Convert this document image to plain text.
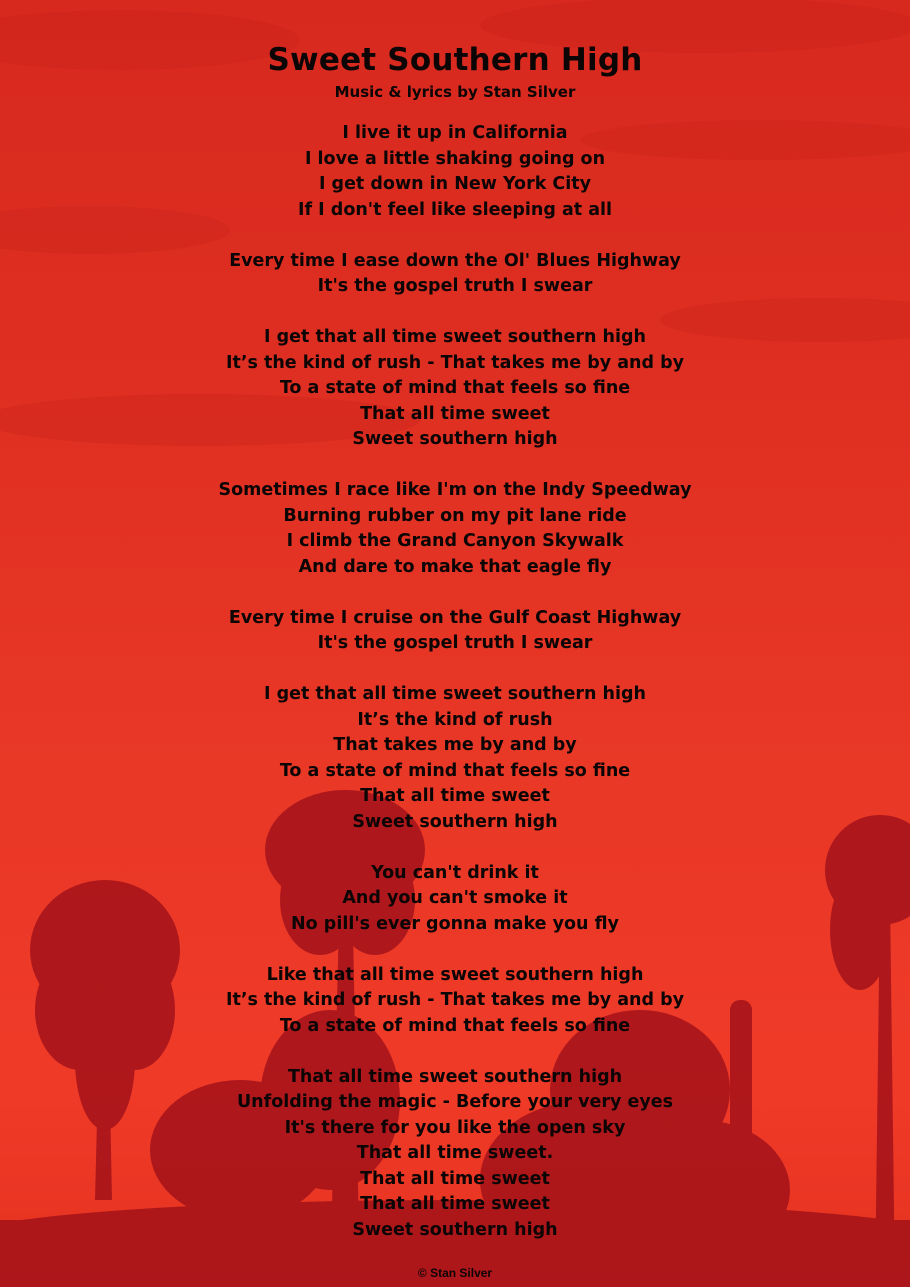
Sweet Southern High
Music & lyrics by Stan Silver
I live it up in California
I love a little shaking going on
I get down in New York City
If I don't feel like sleeping at all
Every time I ease down the Ol' Blues Highway
It's the gospel truth I swear
I get that all time sweet southern high
It’s the kind of rush - That takes me by and by
To a state of mind that feels so fine
That all time sweet
Sweet southern high
Sometimes I race like I'm on the Indy Speedway
Burning rubber on my pit lane ride
I climb the Grand Canyon Skywalk
And dare to make that eagle fly
Every time I cruise on the Gulf Coast Highway
It's the gospel truth I swear
I get that all time sweet southern high
It’s the kind of rush
That takes me by and by
To a state of mind that feels so fine
That all time sweet
Sweet southern high
You can't drink it
And you can't smoke it
No pill's ever gonna make you fly
Like that all time sweet southern high
It’s the kind of rush - That takes me by and by
To a state of mind that feels so fine
That all time sweet southern high
Unfolding the magic - Before your very eyes
It's there for you like the open sky
That all time sweet.
That all time sweet
That all time sweet
Sweet southern high
© Stan Silver
